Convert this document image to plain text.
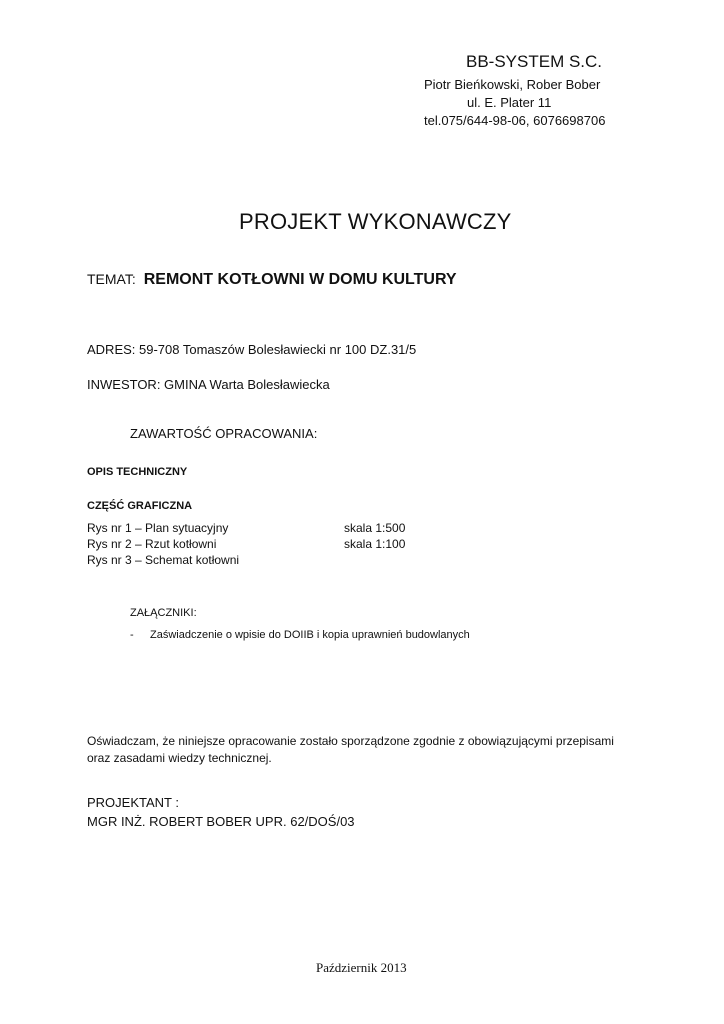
BB-SYSTEM S.C.
Piotr Bieńkowski, Rober Bober
ul. E. Plater 11
tel.075/644-98-06, 6076698706
PROJEKT WYKONAWCZY
TEMAT: REMONT KOTŁOWNI W DOMU KULTURY
ADRES: 59-708 Tomaszów Bolesławiecki nr 100 DZ.31/5
INWESTOR: GMINA Warta Bolesławiecka
ZAWARTOŚĆ OPRACOWANIA:
OPIS TECHNICZNY
CZĘŚĆ GRAFICZNA
Rys nr 1 – Plan sytuacyjny	skala 1:500
Rys nr 2 – Rzut kotłowni	skala 1:100
Rys nr 3 – Schemat kotłowni
ZAŁĄCZNIKI:
- Zaświadczenie o wpisie do DOIIB i kopia uprawnień budowlanych
Oświadczam, że niniejsze opracowanie zostało sporządzone zgodnie z obowiązującymi przepisami
oraz zasadami wiedzy technicznej.
PROJEKTANT :
MGR INŻ. ROBERT BOBER UPR. 62/DOŚ/03
Październik 2013
